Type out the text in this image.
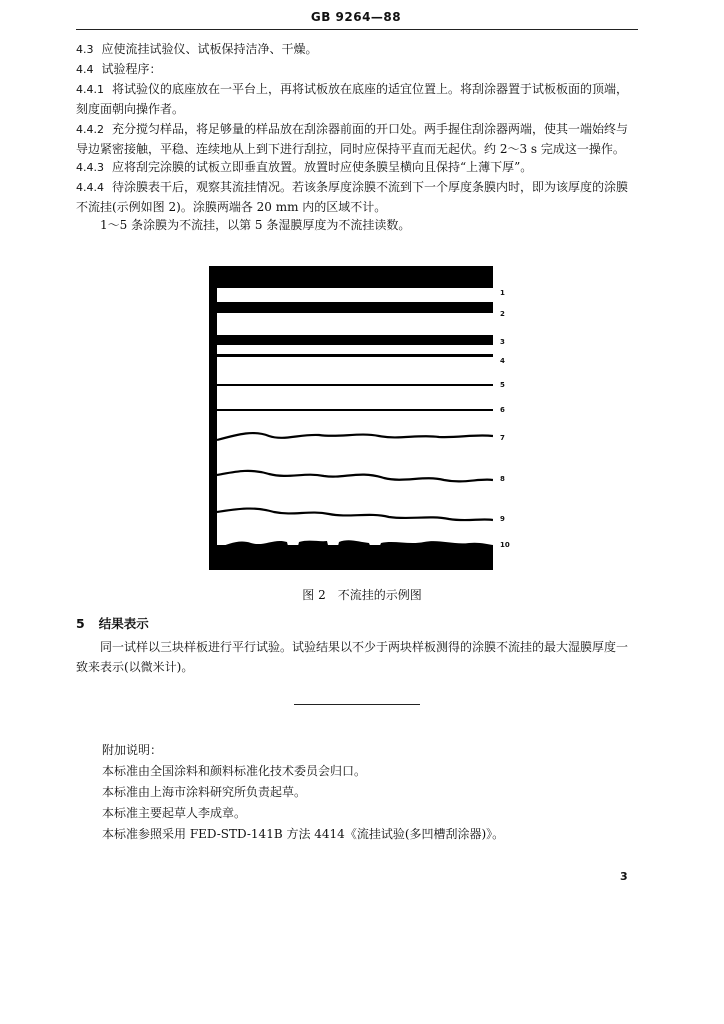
GB 9264—88
4.3 应使流挂试验仪、试板保持洁净、干燥。
4.4 试验程序：
4.4.1 将试验仪的底座放在一平台上，再将试板放在底座的适宜位置上。将刮涂器置于试板板面的顶端，刻度面朝向操作者。
4.4.2 充分搅匀样品，将足够量的样品放在刮涂器前面的开口处。两手握住刮涂器两端，使其一端始终与导边紧密接触，平稳、连续地从上到下进行刮拉，同时应保持平直而无起伏。约 2～3 s 完成这一操作。
4.4.3 应将刮完涂膜的试板立即垂直放置。放置时应使条膜呈横向且保持“上薄下厚”。
4.4.4 待涂膜表干后，观察其流挂情况。若该条厚度涂膜不流到下一个厚度条膜内时，即为该厚度的涂膜不流挂(示例如图 2)。涂膜两端各 20 mm 内的区域不计。
1～5 条涂膜为不流挂，以第 5 条湿膜厚度为不流挂读数。
1
2
3
4
5
6
7
8
9
10
图 2　不流挂的示例图
5 结果表示
同一试样以三块样板进行平行试验。试验结果以不少于两块样板测得的涂膜不流挂的最大湿膜厚度一致来表示(以微米计)。
附加说明：
本标准由全国涂料和颜料标准化技术委员会归口。
本标准由上海市涂料研究所负责起草。
本标准主要起草人李成章。
本标准参照采用 FED-STD-141B 方法 4414《流挂试验(多凹槽刮涂器)》。
3
